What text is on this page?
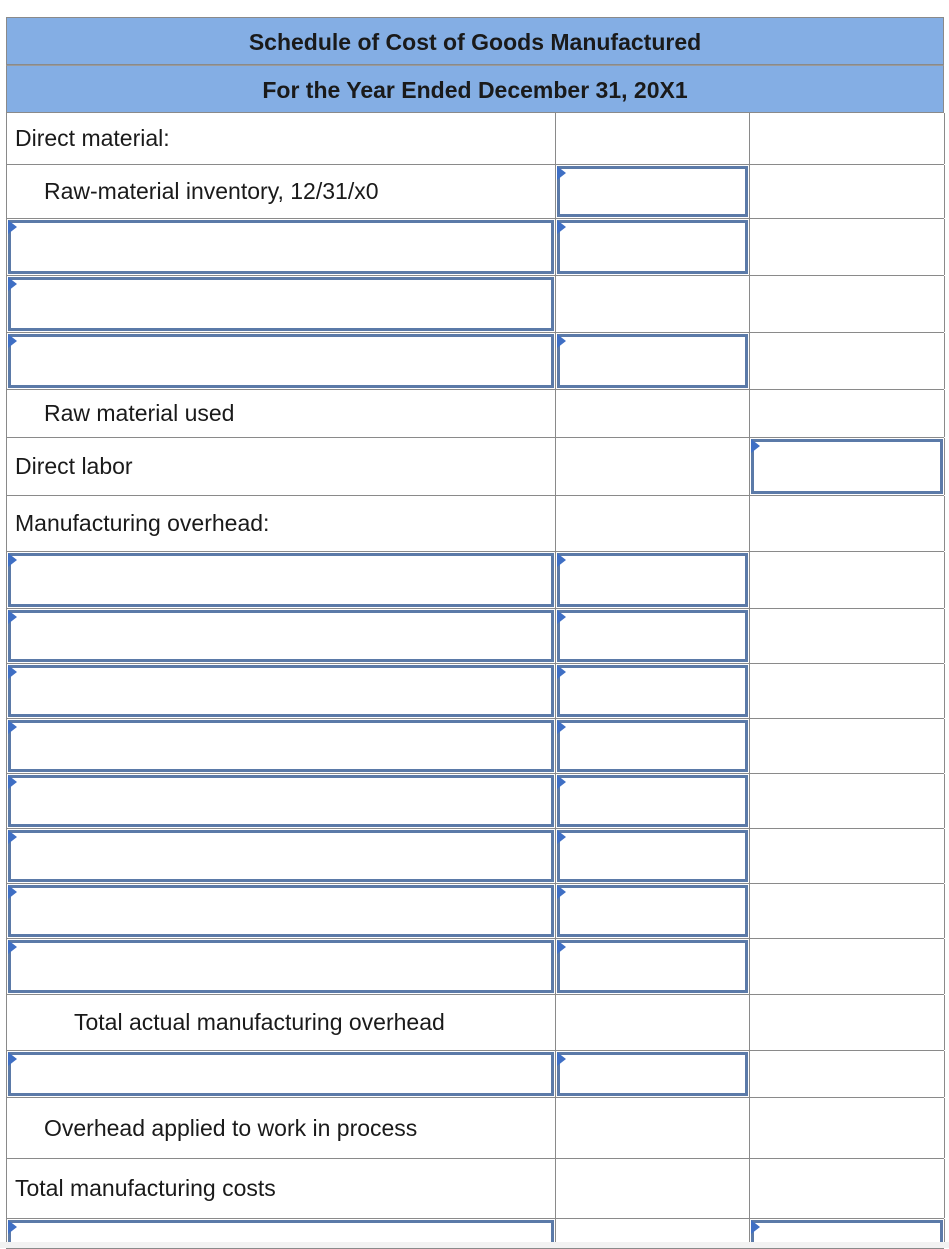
Schedule of Cost of Goods Manufactured
For the Year Ended December 31, 20X1
Direct material:
Raw-material inventory, 12/31/x0
Raw material used
Direct labor
Manufacturing overhead:
Total actual manufacturing overhead
Overhead applied to work in process
Total manufacturing costs
